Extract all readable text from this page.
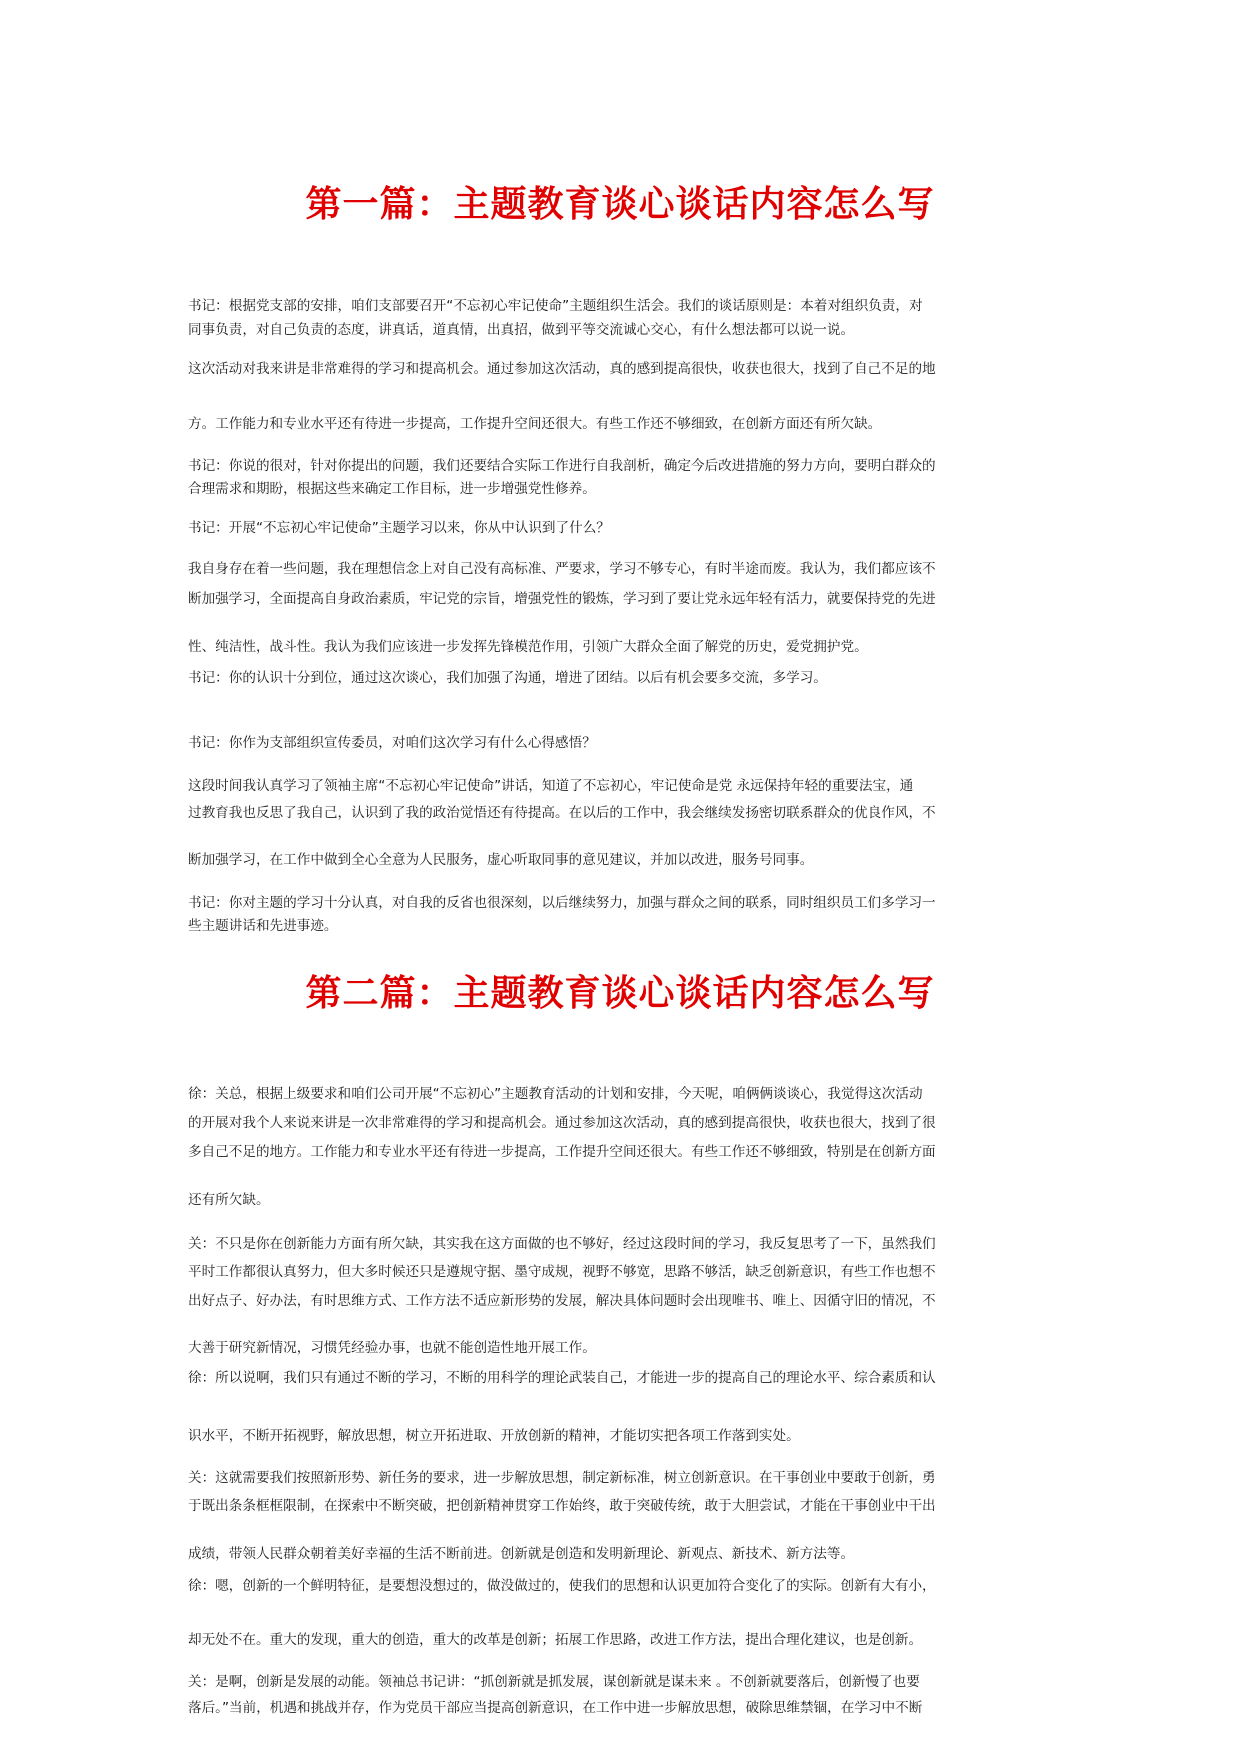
第一篇：主题教育谈心谈话内容怎么写
书记：根据党支部的安排，咱们支部要召开“不忘初心牢记使命”主题组织生活会。我们的谈话原则是：本着对组织负责，对
同事负责，对自己负责的态度，讲真话，道真情，出真招，做到平等交流诚心交心，有什么想法都可以说一说。
这次活动对我来讲是非常难得的学习和提高机会。通过参加这次活动，真的感到提高很快，收获也很大，找到了自己不足的地
方。工作能力和专业水平还有待进一步提高，工作提升空间还很大。有些工作还不够细致，在创新方面还有所欠缺。
书记：你说的很对，针对你提出的问题，我们还要结合实际工作进行自我剖析，确定今后改进措施的努力方向，要明白群众的
合理需求和期盼，根据这些来确定工作目标，进一步增强党性修养。
书记：开展“不忘初心牢记使命”主题学习以来，你从中认识到了什么？
我自身存在着一些问题，我在理想信念上对自己没有高标准、严要求，学习不够专心，有时半途而废。我认为，我们都应该不
断加强学习，全面提高自身政治素质，牢记党的宗旨，增强党性的锻炼，学习到了要让党永远年轻有活力，就要保持党的先进
性、纯洁性，战斗性。我认为我们应该进一步发挥先锋模范作用，引领广大群众全面了解党的历史，爱党拥护党。
书记：你的认识十分到位，通过这次谈心，我们加强了沟通，增进了团结。以后有机会要多交流，多学习。
书记：你作为支部组织宣传委员，对咱们这次学习有什么心得感悟？
这段时间我认真学习了领袖主席“不忘初心牢记使命”讲话，知道了不忘初心，牢记使命是党 永远保持年轻的重要法宝，通
过教育我也反思了我自己，认识到了我的政治觉悟还有待提高。在以后的工作中，我会继续发扬密切联系群众的优良作风，不
断加强学习，在工作中做到全心全意为人民服务，虚心听取同事的意见建议，并加以改进，服务号同事。
书记：你对主题的学习十分认真，对自我的反省也很深刻，以后继续努力，加强与群众之间的联系，同时组织员工们多学习一
些主题讲话和先进事迹。
第二篇：主题教育谈心谈话内容怎么写
徐：关总，根据上级要求和咱们公司开展“不忘初心”主题教育活动的计划和安排，今天呢，咱俩俩谈谈心，我觉得这次活动
的开展对我个人来说来讲是一次非常难得的学习和提高机会。通过参加这次活动，真的感到提高很快，收获也很大，找到了很
多自己不足的地方。工作能力和专业水平还有待进一步提高，工作提升空间还很大。有些工作还不够细致，特别是在创新方面
还有所欠缺。
关：不只是你在创新能力方面有所欠缺，其实我在这方面做的也不够好，经过这段时间的学习，我反复思考了一下，虽然我们
平时工作都很认真努力，但大多时候还只是遵规守据、墨守成规，视野不够宽，思路不够活，缺乏创新意识，有些工作也想不
出好点子、好办法，有时思维方式、工作方法不适应新形势的发展，解决具体问题时会出现唯书、唯上、因循守旧的情况，不
大善于研究新情况，习惯凭经验办事，也就不能创造性地开展工作。
徐：所以说啊，我们只有通过不断的学习，不断的用科学的理论武装自己，才能进一步的提高自己的理论水平、综合素质和认
识水平，不断开拓视野，解放思想，树立开拓进取、开放创新的精神，才能切实把各项工作落到实处。
关：这就需要我们按照新形势、新任务的要求，进一步解放思想，制定新标准，树立创新意识。在干事创业中要敢于创新，勇
于既出条条框框限制，在探索中不断突破，把创新精神贯穿工作始终，敢于突破传统，敢于大胆尝试，才能在干事创业中干出
成绩，带领人民群众朝着美好幸福的生活不断前进。创新就是创造和发明新理论、新观点、新技术、新方法等。
徐：嗯，创新的一个鲜明特征，是要想没想过的，做没做过的，使我们的思想和认识更加符合变化了的实际。创新有大有小，
却无处不在。重大的发现，重大的创造，重大的改革是创新；拓展工作思路，改进工作方法，提出合理化建议，也是创新。
关：是啊，创新是发展的动能。领袖总书记讲：“抓创新就是抓发展，谋创新就是谋未来 。不创新就要落后，创新慢了也要
落后。”当前，机遇和挑战并存，作为党员干部应当提高创新意识，在工作中进一步解放思想，破除思维禁锢，在学习中不断
